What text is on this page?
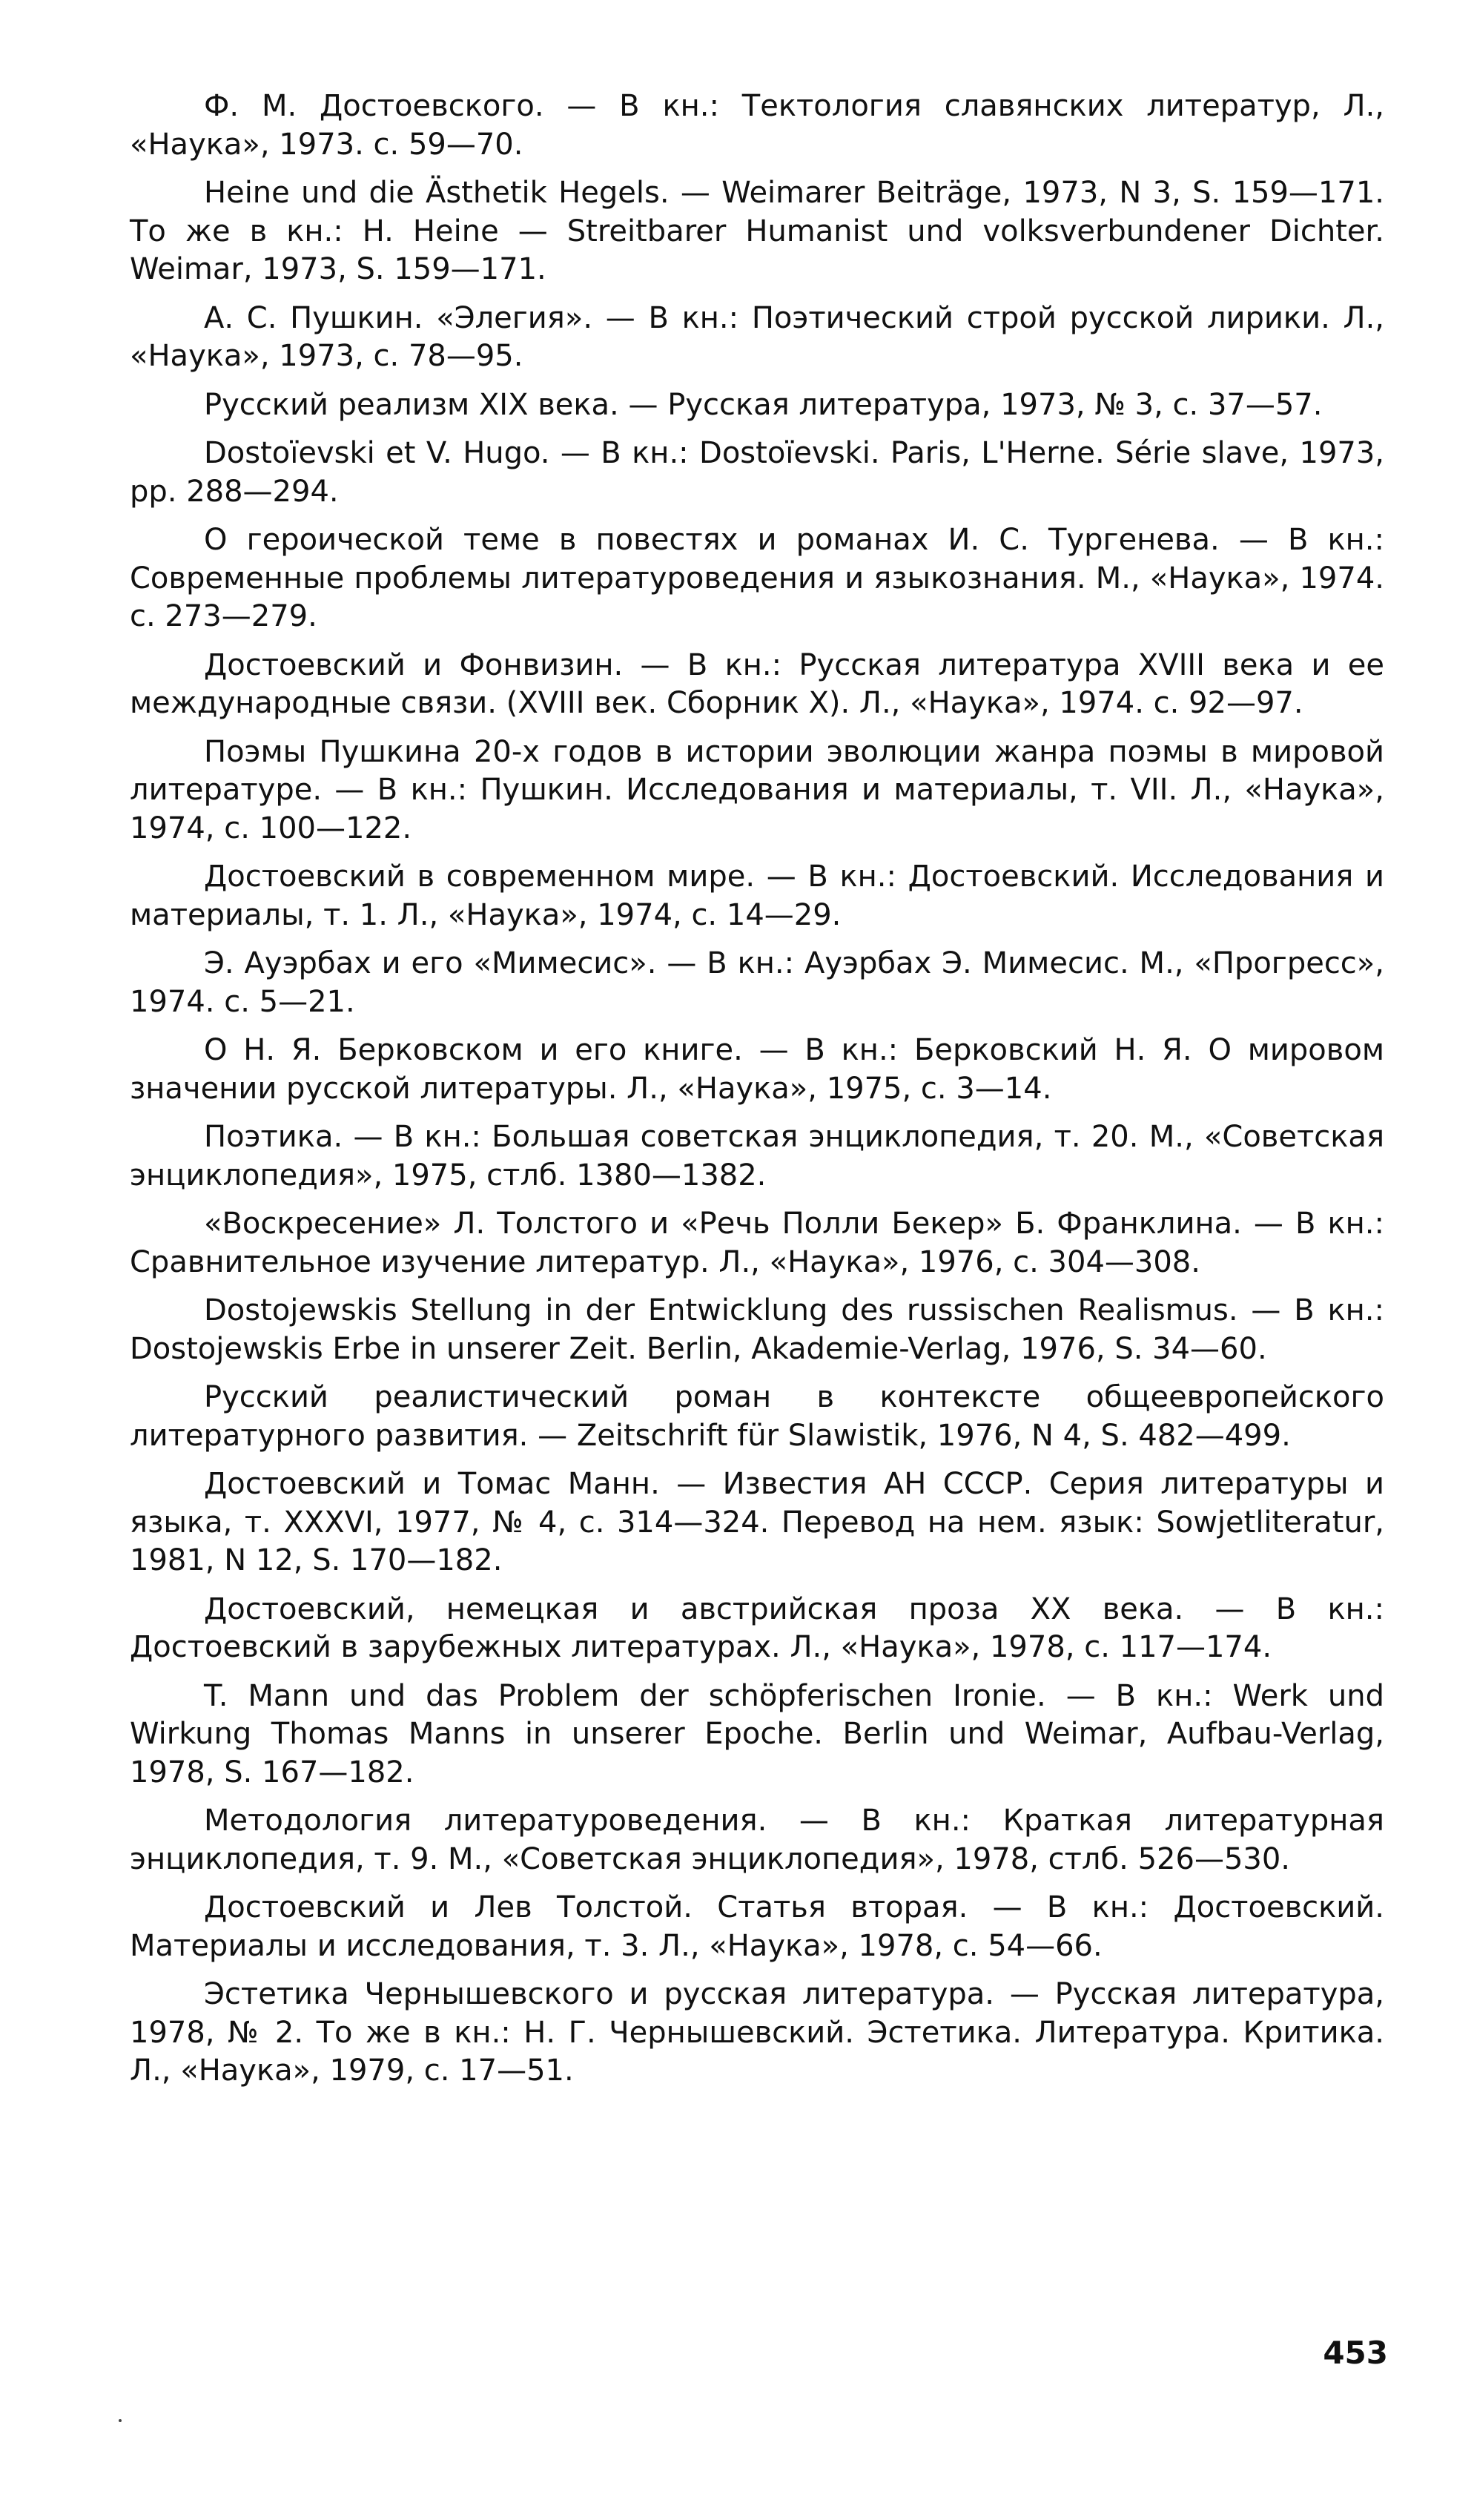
Ф. М. Достоевского. — В кн.: Тектология славянских литератур, Л., «Наука», 1973. с. 59—70.
Heine und die Ästhetik Hegels. — Weimarer Beiträge, 1973, N 3, S. 159—171. То же в кн.: H. Heine — Streitbarer Humanist und volksverbundener Dichter. Weimar, 1973, S. 159—171.
А. С. Пушкин. «Элегия». — В кн.: Поэтический строй русской лирики. Л., «Наука», 1973, с. 78—95.
Русский реализм XIX века. — Русская литература, 1973, № 3, с. 37—57.
Dostoïevski et V. Hugo. — В кн.: Dostoïevski. Paris, L'Herne. Série slave, 1973, pp. 288—294.
О героической теме в повестях и романах И. С. Тургенева. — В кн.: Современные проблемы литературоведения и языкознания. М., «Наука», 1974. с. 273—279.
Достоевский и Фонвизин. — В кн.: Русская литература XVIII века и ее международные связи. (XVIII век. Сборник X). Л., «Наука», 1974. с. 92—97.
Поэмы Пушкина 20-х годов в истории эволюции жанра поэмы в мировой литературе. — В кн.: Пушкин. Исследования и материалы, т. VII. Л., «Наука», 1974, с. 100—122.
Достоевский в современном мире. — В кн.: Достоевский. Исследования и материалы, т. 1. Л., «Наука», 1974, с. 14—29.
Э. Ауэрбах и его «Мимесис». — В кн.: Ауэрбах Э. Мимесис. М., «Прогресс», 1974. с. 5—21.
О Н. Я. Берковском и его книге. — В кн.: Берковский Н. Я. О мировом значении русской литературы. Л., «Наука», 1975, с. 3—14.
Поэтика. — В кн.: Большая советская энциклопедия, т. 20. М., «Советская энциклопедия», 1975, стлб. 1380—1382.
«Воскресение» Л. Толстого и «Речь Полли Бекер» Б. Франклина. — В кн.: Сравнительное изучение литератур. Л., «Наука», 1976, с. 304—308.
Dostojewskis Stellung in der Entwicklung des russischen Realismus. — В кн.: Dostojewskis Erbe in unserer Zeit. Berlin, Akademie-Verlag, 1976, S. 34—60.
Русский реалистический роман в контексте общеевропейского литературного развития. — Zeitschrift für Slawistik, 1976, N 4, S. 482—499.
Достоевский и Томас Манн. — Известия АН СССР. Серия литературы и языка, т. XXXVI, 1977, № 4, с. 314—324. Перевод на нем. язык: Sowjetliteratur, 1981, N 12, S. 170—182.
Достоевский, немецкая и австрийская проза XX века. — В кн.: Достоевский в зарубежных литературах. Л., «Наука», 1978, с. 117—174.
T. Mann und das Problem der schöpferischen Ironie. — В кн.: Werk und Wirkung Thomas Manns in unserer Epoche. Berlin und Weimar, Aufbau-Verlag, 1978, S. 167—182.
Методология литературоведения. — В кн.: Краткая литературная энциклопедия, т. 9. М., «Советская энциклопедия», 1978, стлб. 526—530.
Достоевский и Лев Толстой. Статья вторая. — В кн.: Достоевский. Материалы и исследования, т. 3. Л., «Наука», 1978, с. 54—66.
Эстетика Чернышевского и русская литература. — Русская литература, 1978, № 2. То же в кн.: Н. Г. Чернышевский. Эстетика. Литература. Критика. Л., «Наука», 1979, с. 17—51.
453
